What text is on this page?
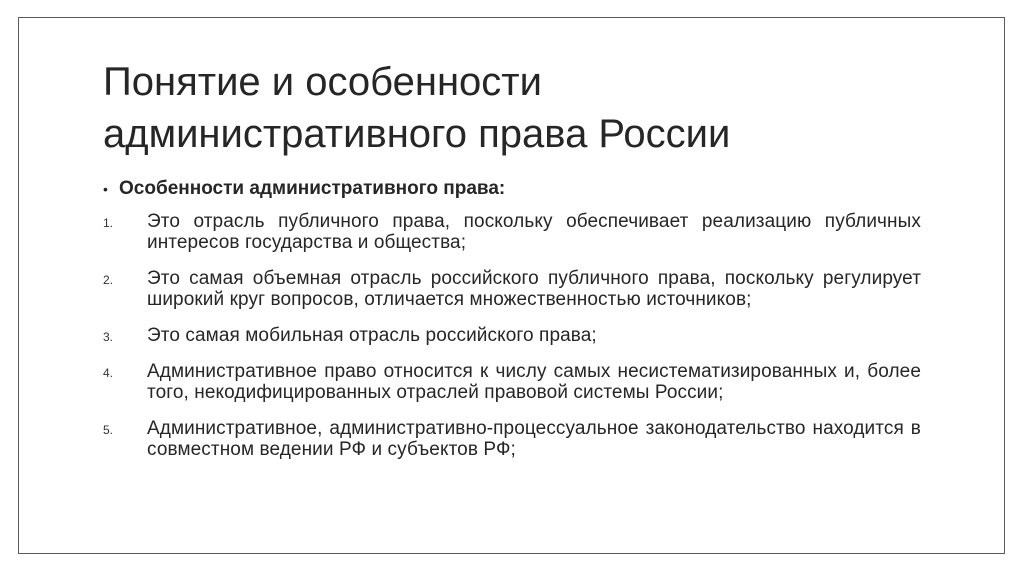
Понятие и особенности
административного права России
• Особенности административного права:
1.	Это отрасль публичного права, поскольку обеспечивает реализацию публичных интересов государства и общества;
2.	Это самая объемная отрасль российского публичного права, поскольку регулирует широкий круг вопросов, отличается множественностью источников;
3.	Это самая мобильная отрасль российского права;
4.	Административное право относится к числу самых несистематизированных и, более того, некодифицированных отраслей правовой системы России;
5.	Административное, административно-процессуальное законодательство находится в совместном ведении РФ и субъектов РФ;
